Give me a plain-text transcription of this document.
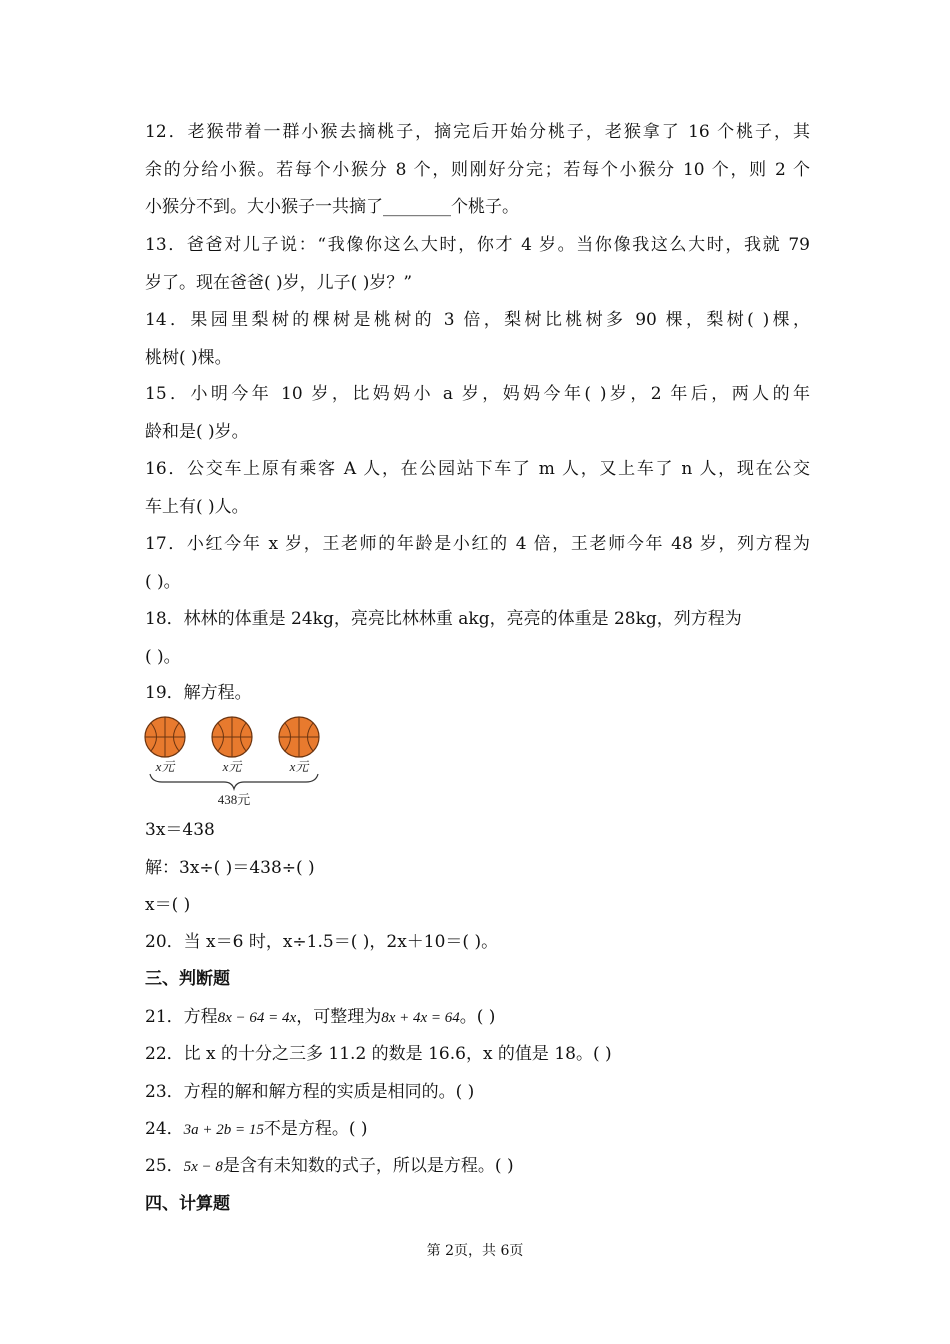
12．老猴带着一群小猴去摘桃子，摘完后开始分桃子，老猴拿了 16 个桃子，其

余的分给小猴。若每个小猴分 8 个，则刚好分完；若每个小猴分 10 个，则 2 个

小猴分不到。大小猴子一共摘了________个桃子。

13．爸爸对儿子说：“我像你这么大时，你才 4 岁。当你像我这么大时，我就 79

岁了。现在爸爸( )岁，儿子( )岁？”

14．果园里梨树的棵树是桃树的 3 倍，梨树比桃树多 90 棵，梨树( )棵，

桃树( )棵。

15．小明今年 10 岁，比妈妈小 a 岁，妈妈今年( )岁，2 年后，两人的年

龄和是( )岁。

16．公交车上原有乘客 A 人，在公园站下车了 m 人，又上车了 n 人，现在公交

车上有( )人。

17．小红今年 x 岁，王老师的年龄是小红的 4 倍，王老师今年 48 岁，列方程为

( )。

18．林林的体重是 24kg，亮亮比林林重 akg，亮亮的体重是 28kg，列方程为

( )。

19．解方程。
x元	x元	x元
438元
3x＝438
解：3x÷( )＝438÷( )
x＝( )
20．当 x＝6 时，x÷1.5＝( )，2x＋10＝( )。
三、判断题
21．方程8x − 64 = 4x，可整理为8x + 4x = 64。( )
22．比 x 的十分之三多 11.2 的数是 16.6，x 的值是 18。( )
23．方程的解和解方程的实质是相同的。( )
24．3a + 2b = 15不是方程。( )
25．5x − 8是含有未知数的式子，所以是方程。( )
四、计算题
第 2页，共 6页
